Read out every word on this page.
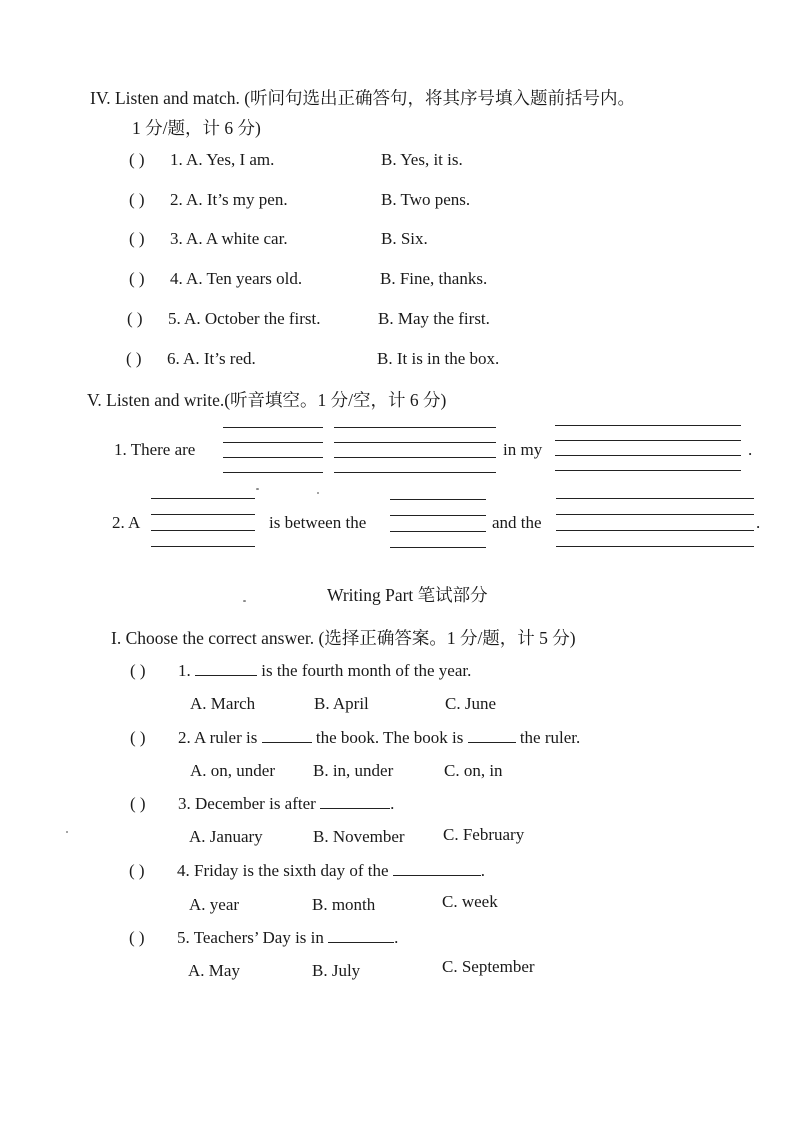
IV. Listen and match. (听问句选出正确答句，将其序号填入题前括号内。
1 分/题，计 6 分)
( ) 1. A. Yes, I am.	B. Yes, it is.
( ) 2. A. It’s my pen.	B. Two pens.
( ) 3. A. A white car.	B. Six.
( ) 4. A. Ten years old.	B. Fine, thanks.
( ) 5. A. October the first.	B. May the first.
( ) 6. A. It’s red.	B. It is in the box.
V. Listen and write.(听音填空。1 分/空，计 6 分)
1. There are	in my	.
2. A	is between the	and the	.
Writing Part 笔试部分
I. Choose the correct answer. (选择正确答案。1 分/题，计 5 分)
( ) 1.	is the fourth month of the year.
A. March	B. April	C. June
( ) 2. A ruler is	the book. The book is	the ruler.
A. on, under B. in, under	C. on, in
( ) 3. December is after	.
A. January	B. November C. February
( ) 4. Friday is the sixth day of the	.
A. year	B. month	C. week
( ) 5. Teachers’ Day is in	.
A. May	B. July	C. September
